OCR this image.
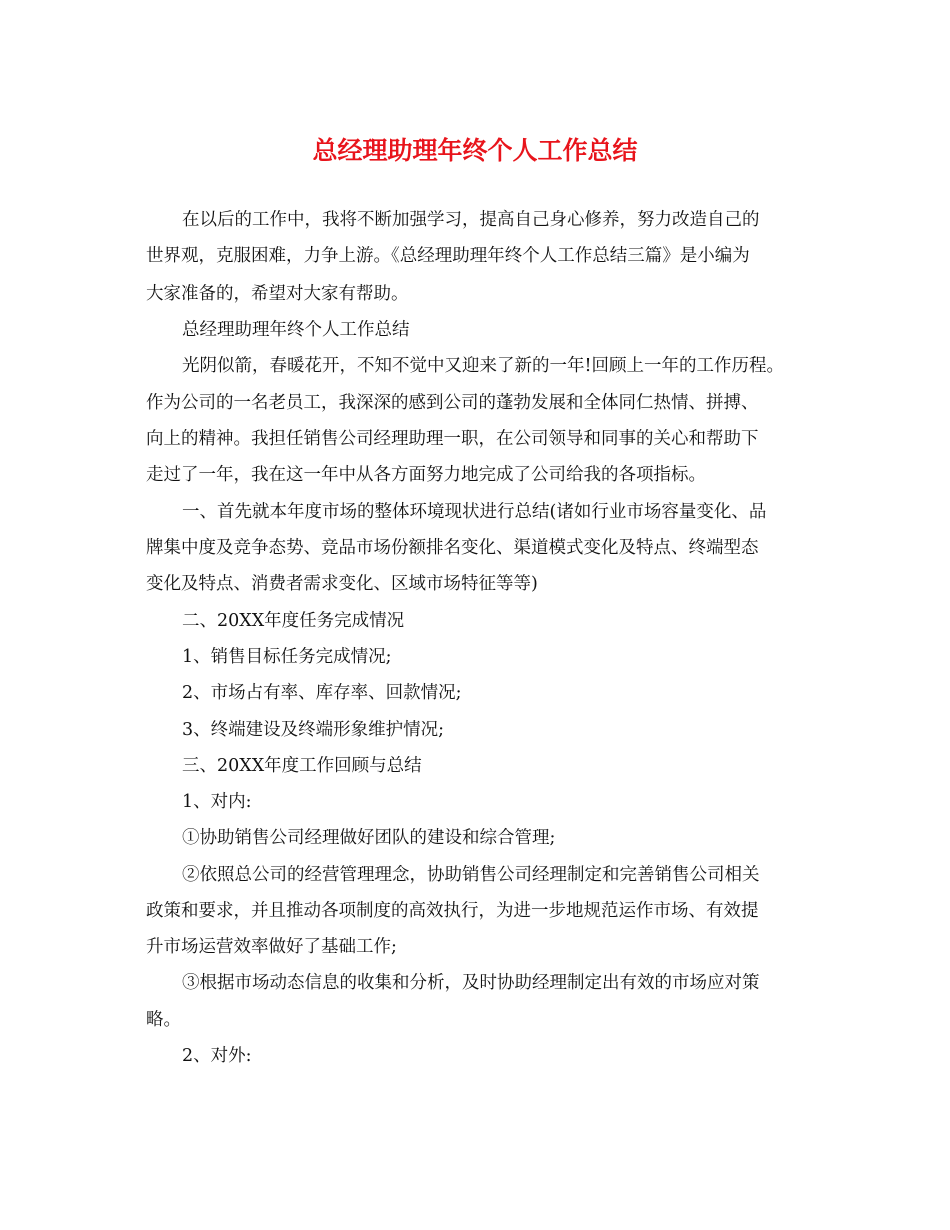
总经理助理年终个人工作总结
在以后的工作中，我将不断加强学习，提高自己身心修养，努力改造自己的
世界观，克服困难，力争上游。《总经理助理年终个人工作总结三篇》是小编为
大家准备的，希望对大家有帮助。
总经理助理年终个人工作总结
光阴似箭，春暖花开，不知不觉中又迎来了新的一年!回顾上一年的工作历程。
作为公司的一名老员工，我深深的感到公司的蓬勃发展和全体同仁热情、拼搏、
向上的精神。我担任销售公司经理助理一职，在公司领导和同事的关心和帮助下
走过了一年，我在这一年中从各方面努力地完成了公司给我的各项指标。
一、首先就本年度市场的整体环境现状进行总结(诸如行业市场容量变化、品
牌集中度及竞争态势、竞品市场份额排名变化、渠道模式变化及特点、终端型态
变化及特点、消费者需求变化、区域市场特征等等)
二、20XX年度任务完成情况
1、销售目标任务完成情况;
2、市场占有率、库存率、回款情况;
3、终端建设及终端形象维护情况;
三、20XX年度工作回顾与总结
1、对内:
①协助销售公司经理做好团队的建设和综合管理;
②依照总公司的经营管理理念，协助销售公司经理制定和完善销售公司相关
政策和要求，并且推动各项制度的高效执行，为进一步地规范运作市场、有效提
升市场运营效率做好了基础工作;
③根据市场动态信息的收集和分析，及时协助经理制定出有效的市场应对策
略。
2、对外:
